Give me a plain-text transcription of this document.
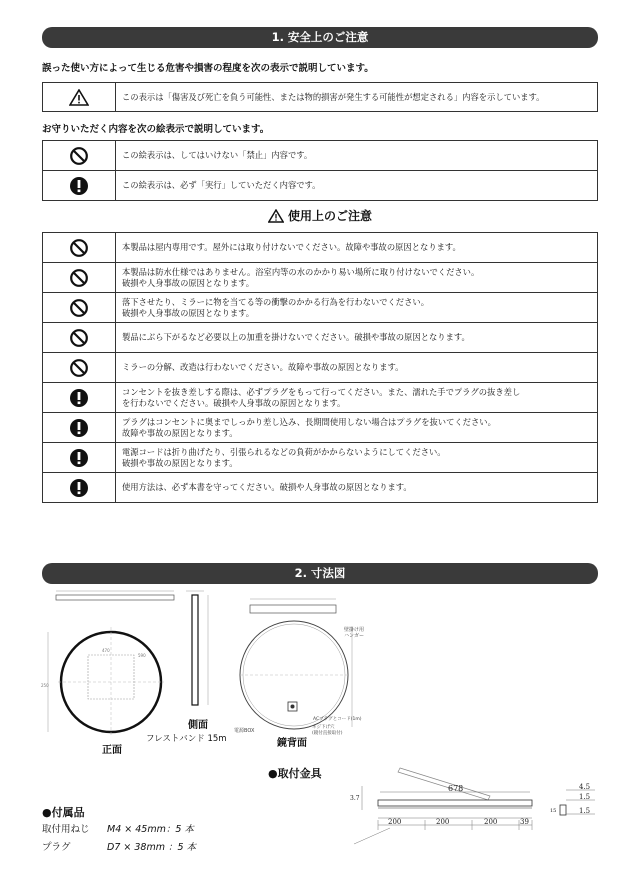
1. 安全上のご注意
誤った使い方によって生じる危害や損害の程度を次の表示で説明しています。
	この表示は「傷害及び死亡を負う可能性、または物的損害が発生する可能性が想定される」内容を示しています。
お守りいただく内容を次の絵表示で説明しています。
	この絵表示は、してはいけない「禁止」内容です。
	この絵表示は、必ず「実行」していただく内容です。
使用上のご注意

本製品は屋内専用です。屋外には取り付けないでください。故障や事故の原因となります。

本製品は防水仕様ではありません。浴室内等の水のかかり易い場所に取り付けないでください。
破損や人身事故の原因となります。

落下させたり、ミラーに物を当てる等の衝撃のかかる行為を行わないでください。
破損や人身事故の原因となります。

製品にぶら下がるなど必要以上の加重を掛けないでください。破損や事故の原因となります。

ミラーの分解、改造は行わないでください。故障や事故の原因となります。

コンセントを抜き差しする際は、必ずプラグをもって行ってください。また、濡れた手でプラグの抜き差し
を行わないでください。破損や人身事故の原因となります。

プラグはコンセントに奥までしっかり差し込み、長期間使用しない場合はプラグを抜いてください。
故障や事故の原因となります。

電源コードは折り曲げたり、引張られるなどの負荷がかからないようにしてください。
破損や事故の原因となります。

使用方法は、必ず本書を守ってください。破損や人身事故の原因となります。
2. 寸法図
470
250
590
正面
側面
フレストバンド 15m
壁掛け用
ハンガー
電源BOX
ACプラグとコード(1m)
ネジ下げ穴
(鏡付直接取付)
鏡背面
●取付金具
678
200	200	200	39
3.7
4.5
1.5
1.5
15
●付属品
取付用ねじ M4 × 45mm：5 本
プラグ	D7 × 38mm ：5 本
